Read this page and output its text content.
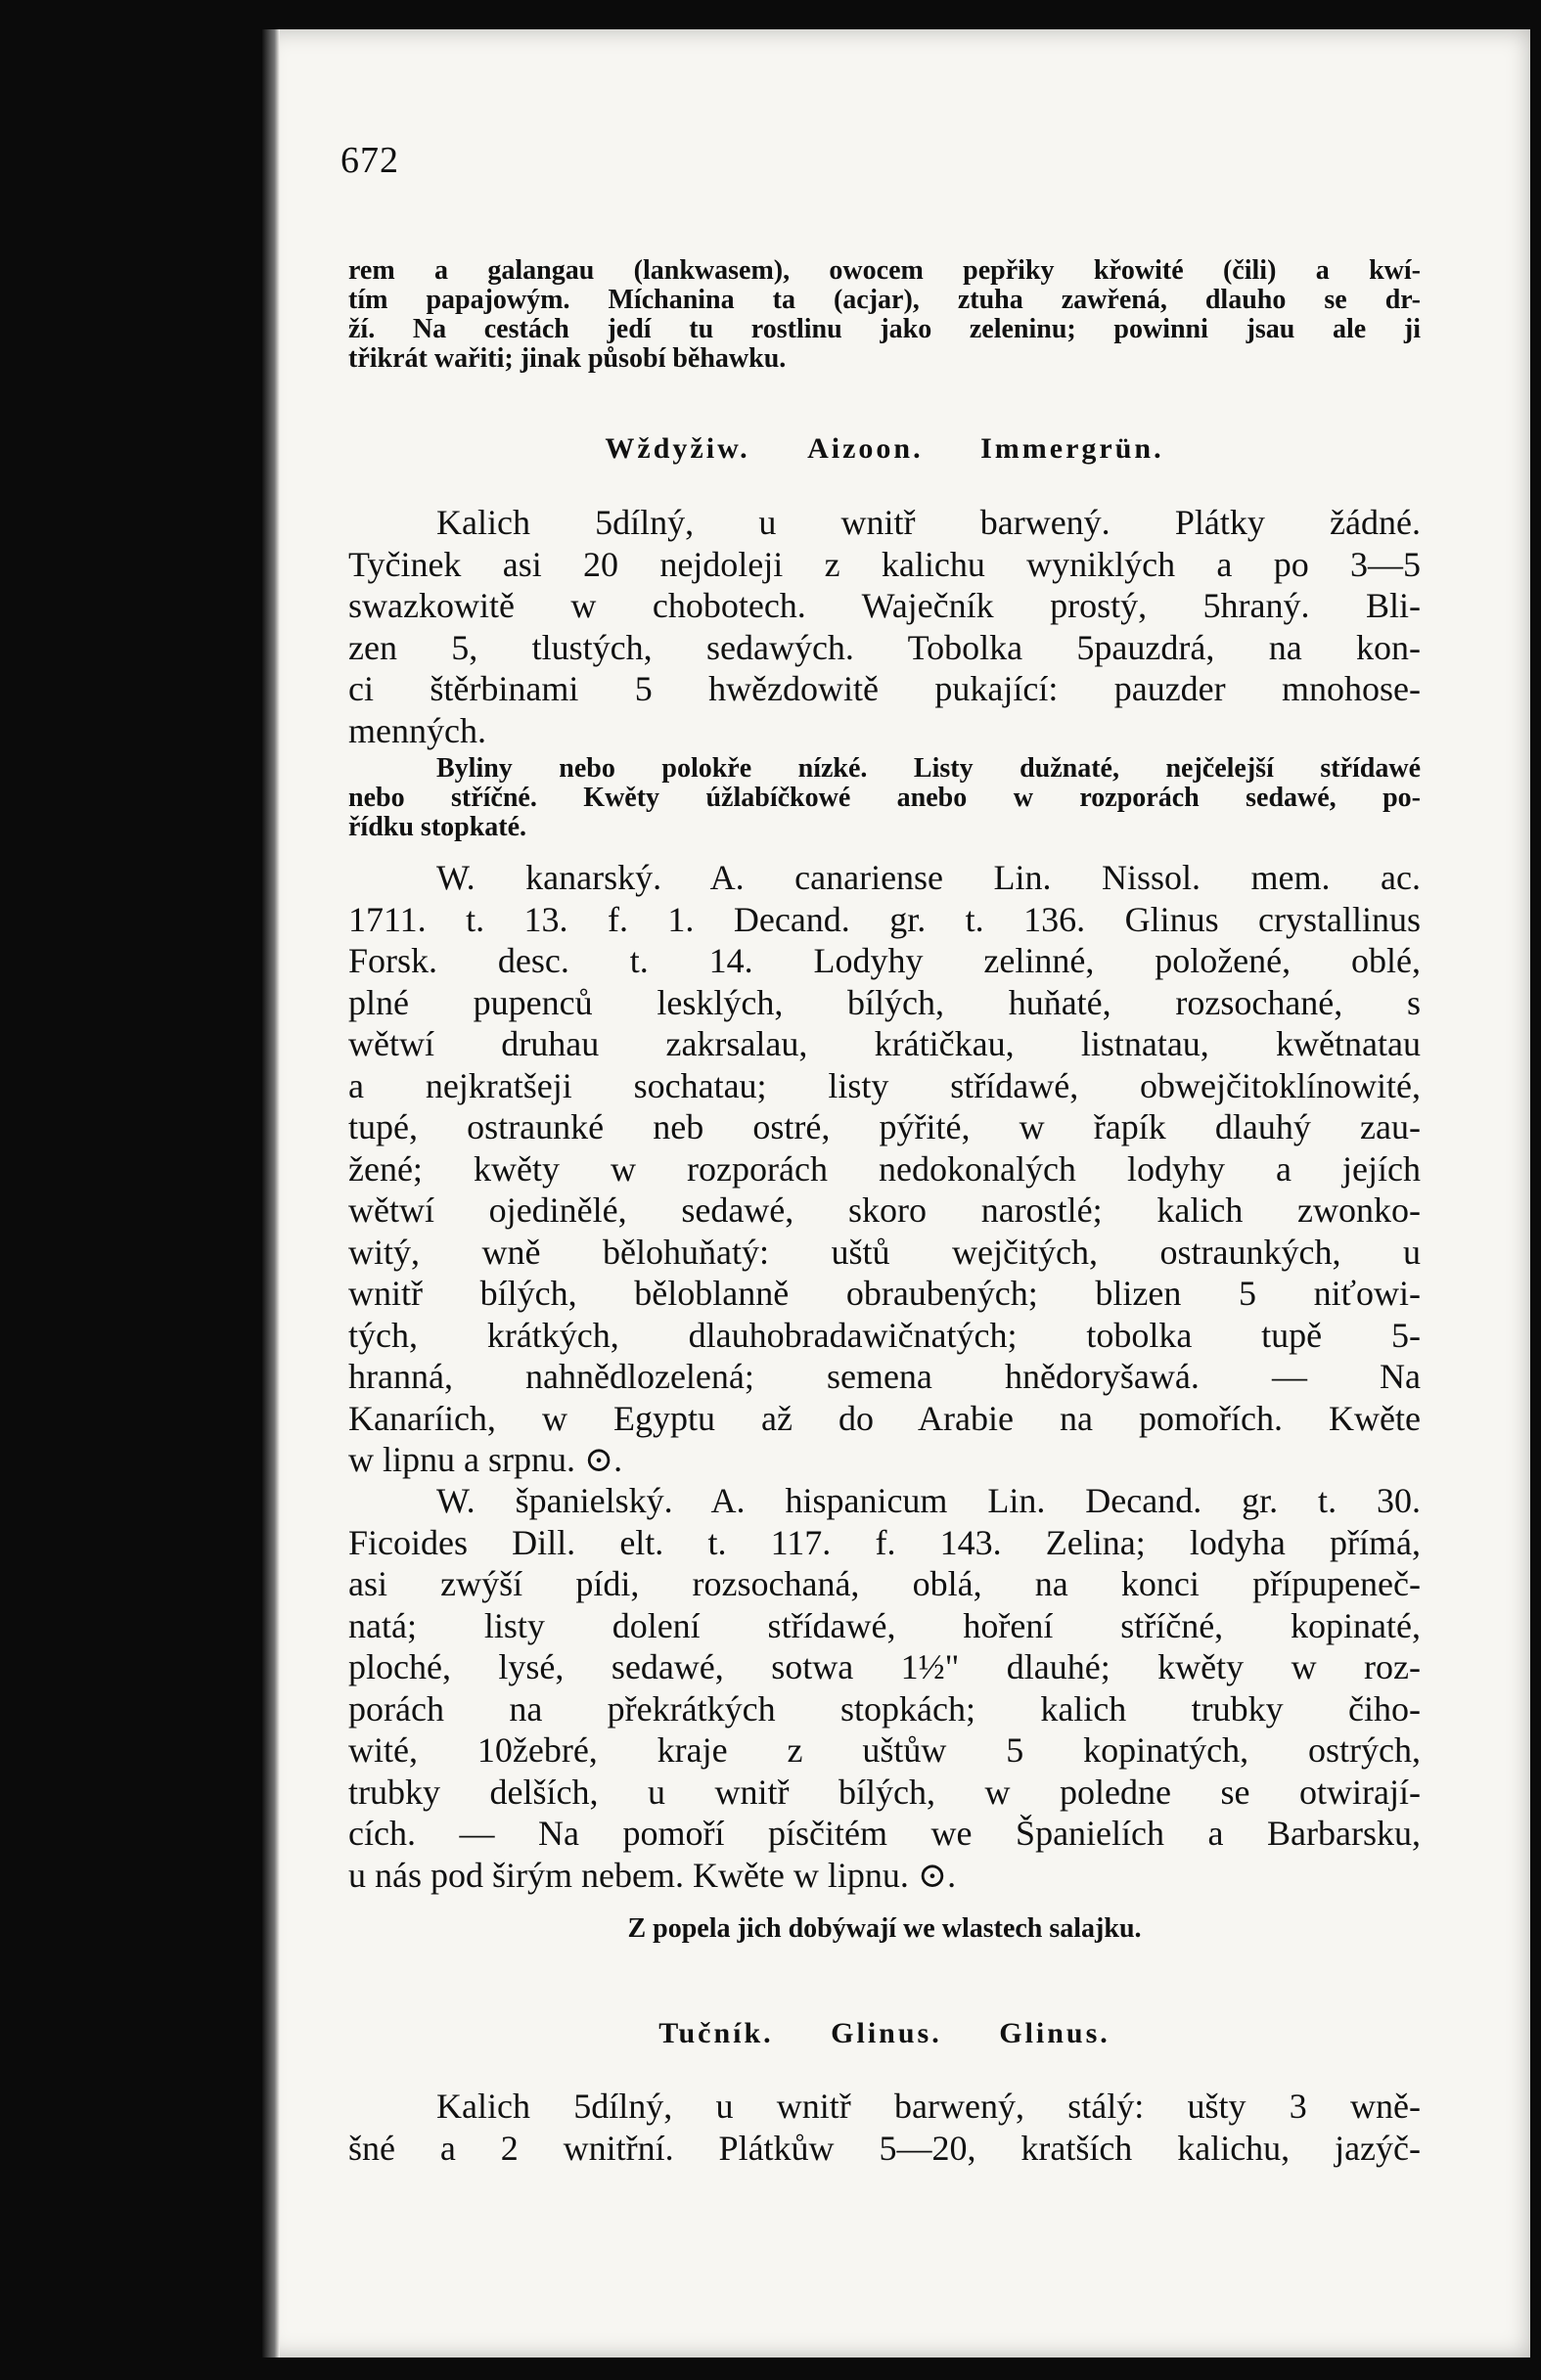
672
rem a galangau (lankwasem), owocem pepřiky křowité (čili) a kwí-
tím papajowým. Míchanina ta (acjar), ztuha zawřená, dlauho se dr-
ží. Na cestách jedí tu rostlinu jako zeleninu; powinni jsau ale ji
třikrát wařiti; jinak působí běhawku.
Wždyžiw. Aizoon. Immergrün.
Kalich 5dílný, u wnitř barwený. Plátky žádné.
Tyčinek asi 20 nejdoleji z kalichu wyniklých a po 3—5
swazkowitě w chobotech. Waječník prostý, 5hraný. Bli-
zen 5, tlustých, sedawých. Tobolka 5pauzdrá, na kon-
ci štěrbinami 5 hwězdowitě pukající: pauzder mnohose-
menných.
Byliny nebo polokře nízké. Listy dužnaté, nejčelejší střídawé
nebo stříčné. Kwěty úžlabíčkowé anebo w rozporách sedawé, po-
řídku stopkaté.
W. kanarský. A. canariense Lin. Nissol. mem. ac.
1711. t. 13. f. 1. Decand. gr. t. 136. Glinus crystallinus
Forsk. desc. t. 14. Lodyhy zelinné, položené, oblé,
plné pupenců lesklých, bílých, huňaté, rozsochané, s
wětwí druhau zakrsalau, krátičkau, listnatau, kwětnatau
a nejkratšeji sochatau; listy střídawé, obwejčitoklínowité,
tupé, ostraunké neb ostré, pýřité, w řapík dlauhý zau-
žené; kwěty w rozporách nedokonalých lodyhy a jejích
wětwí ojedinělé, sedawé, skoro narostlé; kalich zwonko-
witý, wně bělohuňatý: uštů wejčitých, ostraunkých, u
wnitř bílých, běloblanně obraubených; blizen 5 niťowi-
tých, krátkých, dlauhobradawičnatých; tobolka tupě 5-
hranná, nahnědlozelená; semena hnědoryšawá. — Na
Kanaríich, w Egyptu až do Arabie na pomořích. Kwěte
w lipnu a srpnu. ⊙.
W. španielský. A. hispanicum Lin. Decand. gr. t. 30.
Ficoides Dill. elt. t. 117. f. 143. Zelina; lodyha přímá,
asi zwýší pídi, rozsochaná, oblá, na konci přípupeneč-
natá; listy dolení střídawé, hoření stříčné, kopinaté,
ploché, lysé, sedawé, sotwa 1½" dlauhé; kwěty w roz-
porách na překrátkých stopkách; kalich trubky čiho-
wité, 10žebré, kraje z uštůw 5 kopinatých, ostrých,
trubky delších, u wnitř bílých, w poledne se otwirají-
cích. — Na pomoří písčitém we Španielích a Barbarsku,
u nás pod širým nebem. Kwěte w lipnu. ⊙.
Z popela jich dobýwají we wlastech salajku.
Tučník. Glinus. Glinus.
Kalich 5dílný, u wnitř barwený, stálý: ušty 3 wně-
šné a 2 wnitřní. Plátkůw 5—20, kratších kalichu, jazýč-
